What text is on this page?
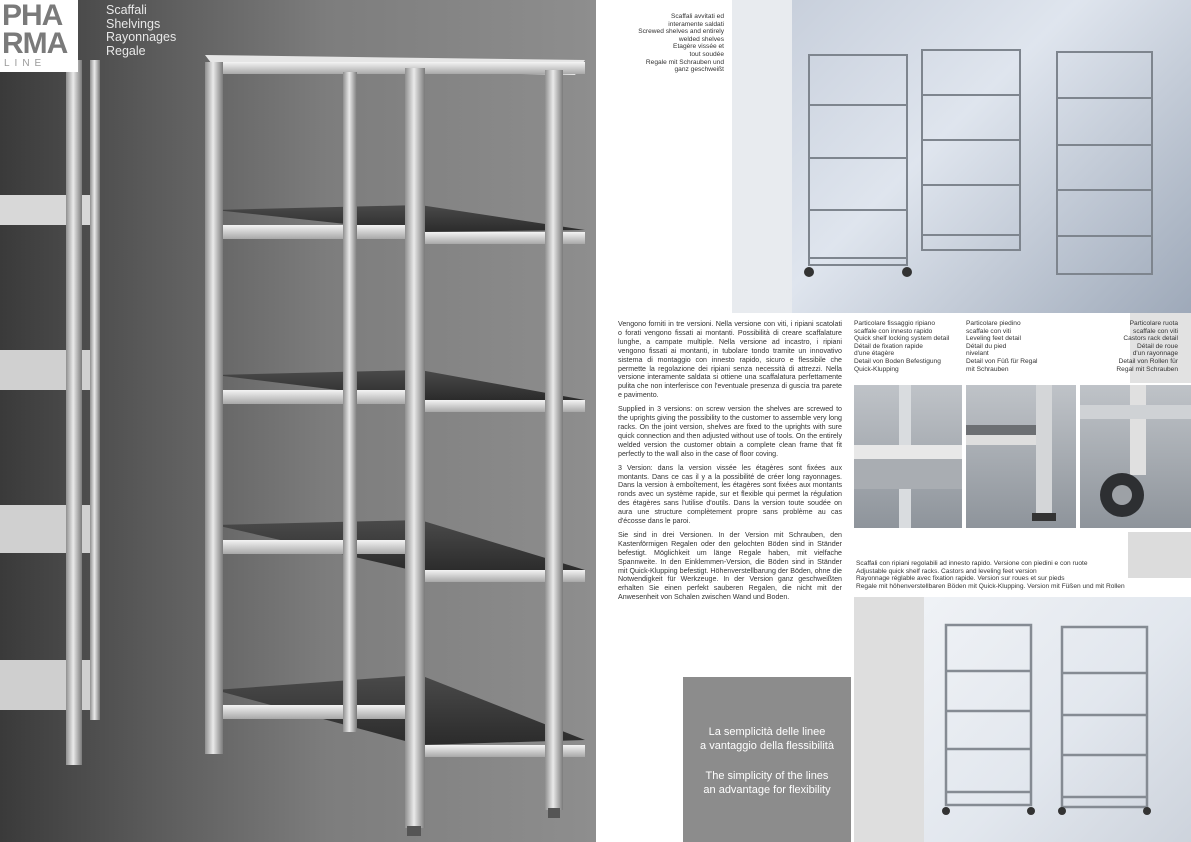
PHA
RMA
LINE
Scaffali
Shelvings
Rayonnages
Regale
Scaffali avvitati ed
interamente saldati
Screwed shelves and entirely
welded shelves
Etagère vissée et
tout soudée
Regale mit Schrauben und
ganz geschweißt

Vengono forniti in tre versioni. Nella versione con viti, i ripiani scatolati o forati vengono fissati ai montanti. Possibilità di creare scaffalature lunghe, a campate multiple. Nella versione ad incastro, i ripiani vengono fissati ai montanti, in tubolare tondo tramite un innovativo sistema di montaggio con innesto rapido, sicuro e flessibile che permette la regolazione dei ripiani senza necessità di attrezzi. Nella versione interamente saldata si ottiene una scaffalatura perfettamente pulita che non interferisce con l'eventuale presenza di guscia tra parete e pavimento.

Supplied in 3 versions: on screw version the shelves are screwed to the uprights giving the possibility to the customer to assemble very long racks. On the joint version, shelves are fixed to the uprights with sure quick connection and then adjusted without use of tools. On the entirely welded version the customer obtain a complete clean frame that fit perfectly to the wall also in the case of floor coving.

3 Version: dans la version vissée les étagères sont fixées aux montants. Dans ce cas il y a la possibilité de créer long rayonnages. Dans la version à emboîtement, les étagères sont fixées aux montants ronds avec un système rapide, sur et flexible qui permet la régulation des étagères sans l'utilise d'outils. Dans la version toute soudée on aura une structure complètement propre sans problème au cas d'écosse dans le paroi.

Sie sind in drei Versionen. In der Version mit Schrauben, den Kastenförmigen Regalen oder den gelochten Böden sind in Ständer befestigt. Möglichkeit um länge Regale haben, mit vielfache Spannweite. In den Einklemmen-Version, die Böden sind in Ständer mit Quick-Klupping befestigt. Höhenverstellbarung der Böden, ohne die Notwendigkeit für Werkzeuge. In der Version ganz geschweißten erhalten Sie einen perfekt sauberen Regalen, die nicht mit der Anwesenheit von Schalen zwischen Wand und Boden.

Particolare fissaggio ripiano
scaffale con innesto rapido
Quick shelf locking system detail
Détail de fixation rapide
d'une étagère
Detail von Boden Befestigung
Quick-Klupping
Particolare piedino
scaffale con viti
Leveling feet detail
Détail du pied
nivelant
Detail von Füß für Regal
mit Schrauben
Particolare ruota
scaffale con viti
Castors rack detail
Détail de roue
d'un rayonnage
Detail von Rollen für
Regal mit Schrauben
Scaffali con ripiani regolabili ad innesto rapido. Versione con piedini e con ruote
Adjustable quick shelf racks. Castors and leveling feet version
Rayonnage réglable avec fixation rapide. Version sur roues et sur pieds
Regale mit höhenverstellbaren Böden mit Quick-Klupping. Version mit Füßen und mit Rollen
La semplicità delle linee
a vantaggio della flessibilità
The simplicity of the lines
an advantage for flexibility
